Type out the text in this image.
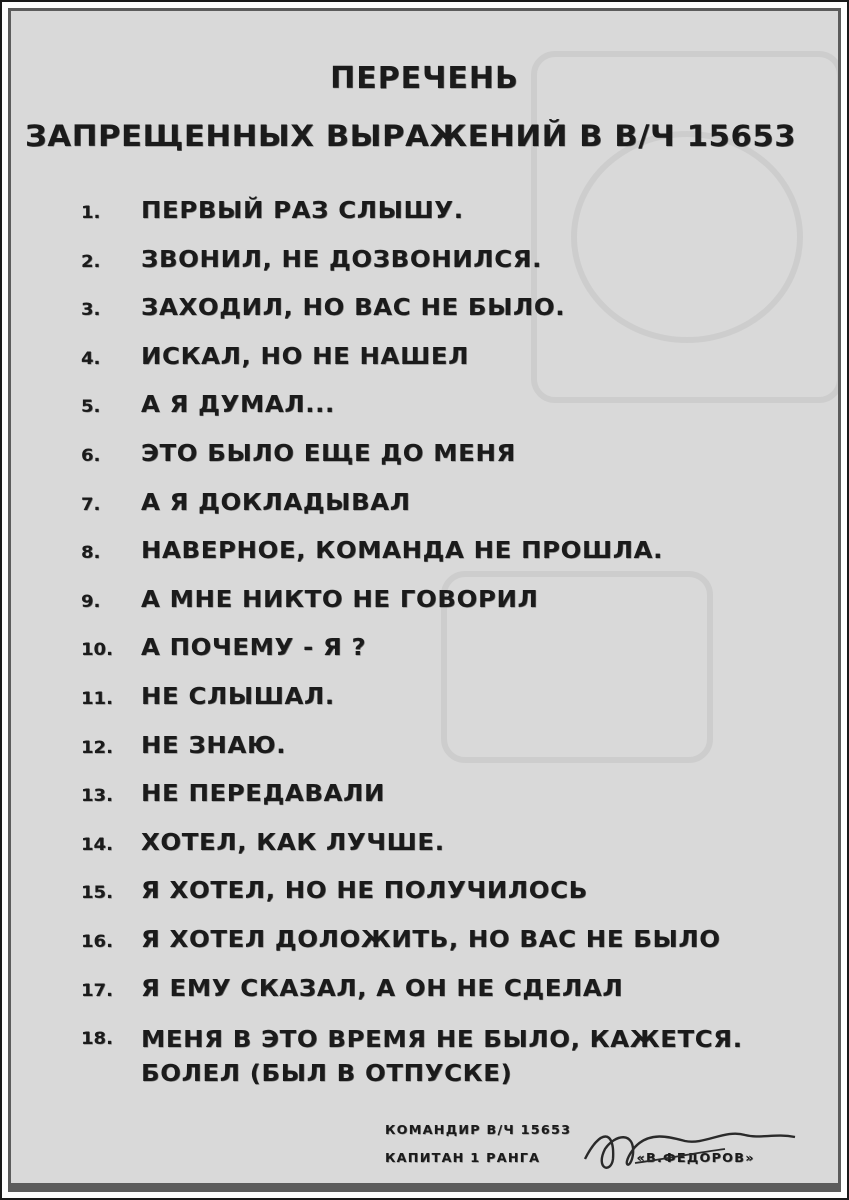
ПЕРЕЧЕНЬ
ЗАПРЕЩЕННЫХ ВЫРАЖЕНИЙ В В/Ч 15653
1.	ПЕРВЫЙ РАЗ СЛЫШУ.
2.	ЗВОНИЛ, НЕ ДОЗВОНИЛСЯ.
3.	ЗАХОДИЛ, НО ВАС НЕ БЫЛО.
4.	ИСКАЛ, НО НЕ НАШЕЛ
5.	А Я ДУМАЛ...
6.	ЭТО БЫЛО ЕЩЕ ДО МЕНЯ
7.	А Я ДОКЛАДЫВАЛ
8.	НАВЕРНОЕ, КОМАНДА НЕ ПРОШЛА.
9.	А МНЕ НИКТО НЕ ГОВОРИЛ
10.	А ПОЧЕМУ - Я ?
11.	НЕ СЛЫШАЛ.
12.	НЕ ЗНАЮ.
13.	НЕ ПЕРЕДАВАЛИ
14.	ХОТЕЛ, КАК ЛУЧШЕ.
15.	Я ХОТЕЛ, НО НЕ ПОЛУЧИЛОСЬ
16.	Я ХОТЕЛ ДОЛОЖИТЬ, НО ВАС НЕ БЫЛО
17.	Я ЕМУ СКАЗАЛ, А ОН НЕ СДЕЛАЛ
18.	МЕНЯ В ЭТО ВРЕМЯ НЕ БЫЛО, КАЖЕТСЯ. БОЛЕЛ (БЫЛ В ОТПУСКЕ)
КОМАНДИР В/Ч 15653
КАПИТАН 1 РАНГА	«В.ФЕДОРОВ»
